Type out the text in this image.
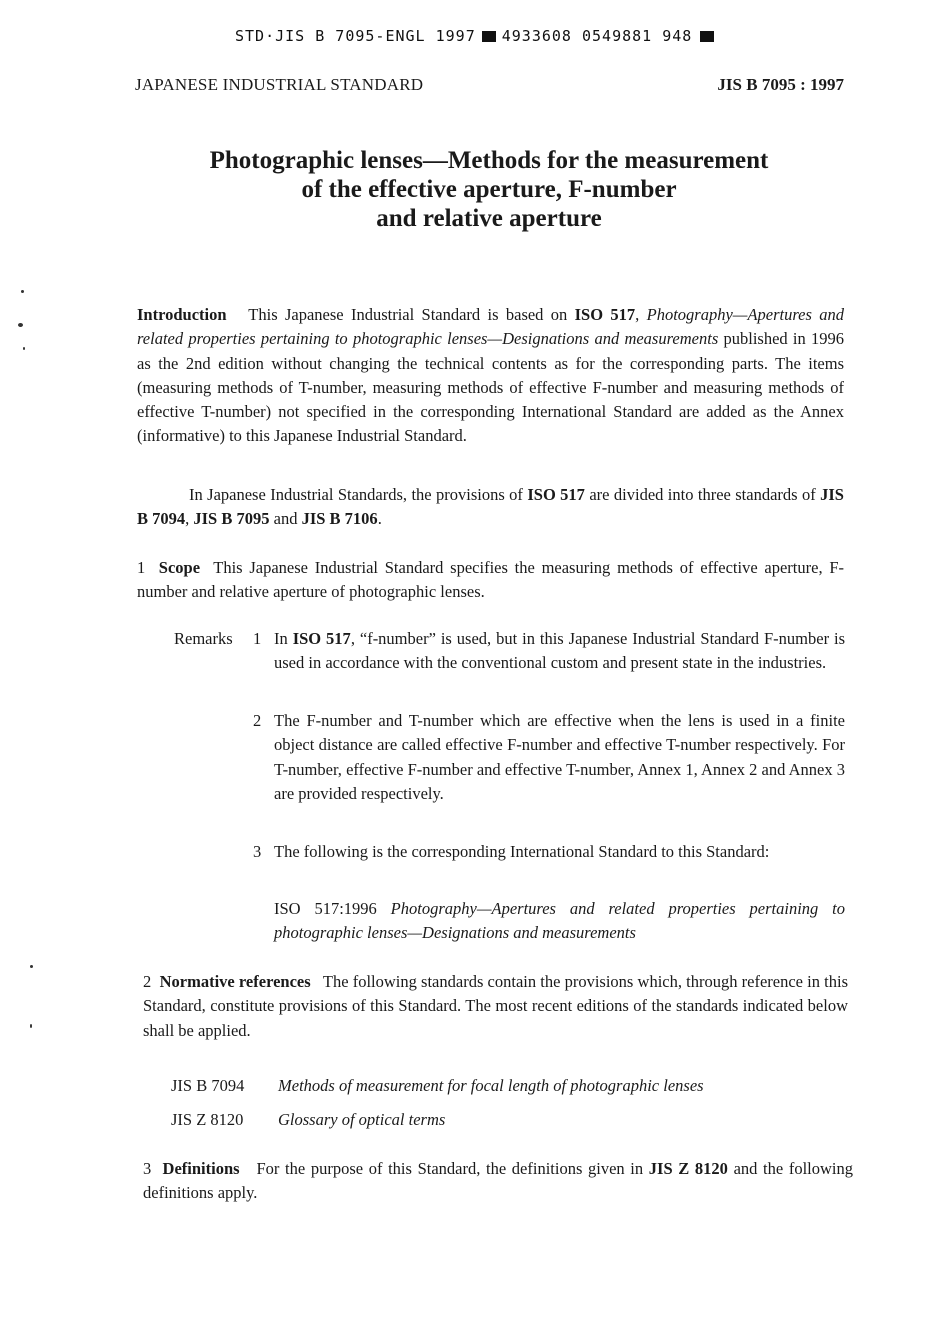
STD·JIS B 7095-ENGL 1997 4933608 0549881 948
JAPANESE INDUSTRIAL STANDARD	JIS B 7095 : 1997
Photographic lenses—Methods for the measurement
of the effective aperture, F-number
and relative aperture
Introduction This Japanese Industrial Standard is based on ISO 517, Photography—Apertures and related properties pertaining to photographic lenses—Designations and measurements published in 1996 as the 2nd edition without changing the technical contents as for the corresponding parts. The items (measuring methods of T-number, measuring methods of effective F-number and measuring methods of effective T-number) not specified in the corresponding International Standard are added as the Annex (informative) to this Japanese Industrial Standard.
In Japanese Industrial Standards, the provisions of ISO 517 are divided into three standards of JIS B 7094, JIS B 7095 and JIS B 7106.
1 Scope This Japanese Industrial Standard specifies the measuring methods of effective aperture, F-number and relative aperture of photographic lenses.
Remarks 1 In ISO 517, “f-number” is used, but in this Japanese Industrial Standard F-number is used in accordance with the conventional custom and present state in the industries.
2 The F-number and T-number which are effective when the lens is used in a finite object distance are called effective F-number and effective T-number respectively. For T-number, effective F-number and effective T-number, Annex 1, Annex 2 and Annex 3 are provided respectively.
3 The following is the corresponding International Standard to this Standard:
ISO 517:1996 Photography—Apertures and related properties pertaining to photographic lenses—Designations and measurements
2 Normative references The following standards contain the provisions which, through reference in this Standard, constitute provisions of this Standard. The most recent editions of the standards indicated below shall be applied.
JIS B 7094 Methods of measurement for focal length of photographic lenses
JIS Z 8120 Glossary of optical terms
3 Definitions For the purpose of this Standard, the definitions given in JIS Z 8120 and the following definitions apply.
